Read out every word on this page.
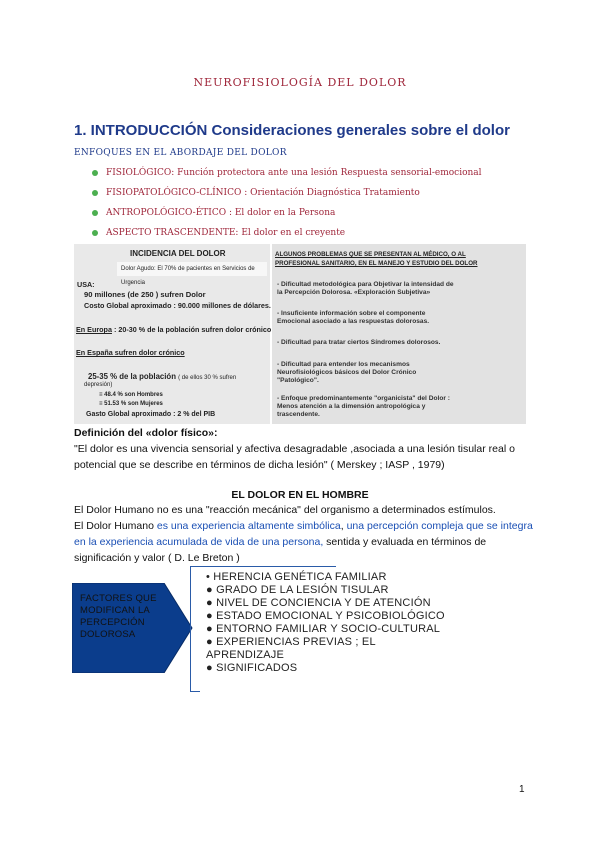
NEUROFISIOLOGÍA DEL DOLOR
1. INTRODUCCIÓN Consideraciones generales sobre el dolor
ENFOQUES EN EL ABORDAJE DEL DOLOR
FISIOLÓGICO: Función protectora ante una lesión Respuesta sensorial-emocional
FISIOPATOLÓGICO-CLÍNICO : Orientación Diagnóstica Tratamiento
ANTROPOLÓGICO-ÉTICO : El dolor en la Persona
ASPECTO TRASCENDENTE: El dolor en el creyente
INCIDENCIA DEL DOLOR
Dolor Agudo: El 70% de pacientes en Servicios de Urgencia
USA:
90 millones (de 250 ) sufren Dolor
Costo Global aproximado : 90.000 millones de dólares.
En Europa : 20-30 % de la población sufren dolor crónico
En España sufren dolor crónico
25-35 % de la población ( de ellos 30 % sufren
depresión)
≡ 48.4 % son Hombres
≡ 51.53 % son Mujeres
Gasto Global aproximado : 2 % del PIB
ALGUNOS PROBLEMAS QUE SE PRESENTAN AL MÉDICO, O AL
PROFESIONAL SANITARIO, EN EL MANEJO Y ESTUDIO DEL DOLOR
- Dificultad metodológica para Objetivar la intensidad de
la Percepción Dolorosa. «Exploración Subjetiva»
- Insuficiente información sobre el componente
Emocional asociado a las respuestas dolorosas.
- Dificultad para tratar ciertos Síndromes dolorosos.
- Dificultad para entender los mecanismos
Neurofisiológicos básicos del Dolor Crónico
"Patológico".
- Enfoque predominantemente "organicista" del Dolor :
Menos atención a la dimensión antropológica y
trascendente.
Definición del «dolor físico»:
"El dolor es una vivencia sensorial y afectiva desagradable ,asociada a una lesión tisular real o potencial que se describe en términos de dicha lesión" ( Merskey ; IASP , 1979)
EL DOLOR EN EL HOMBRE
El Dolor Humano no es una "reacción mecánica" del organismo a determinados estímulos.
El Dolor Humano es una experiencia altamente simbólica, una percepción compleja que se integra en la experiencia acumulada de vida de una persona, sentida y evaluada en términos de significación y valor ( D. Le Breton )
FACTORES QUE MODIFICAN LA PERCEPCIÓN DOLOROSA
• HERENCIA GENÉTICA FAMILIAR
● GRADO DE LA LESIÓN TISULAR
● NIVEL DE CONCIENCIA Y DE ATENCIÓN
● ESTADO EMOCIONAL Y PSICOBIOLÓGICO
● ENTORNO FAMILIAR Y SOCIO-CULTURAL
● EXPERIENCIAS PREVIAS ; EL
APRENDIZAJE
● SIGNIFICADOS
1
